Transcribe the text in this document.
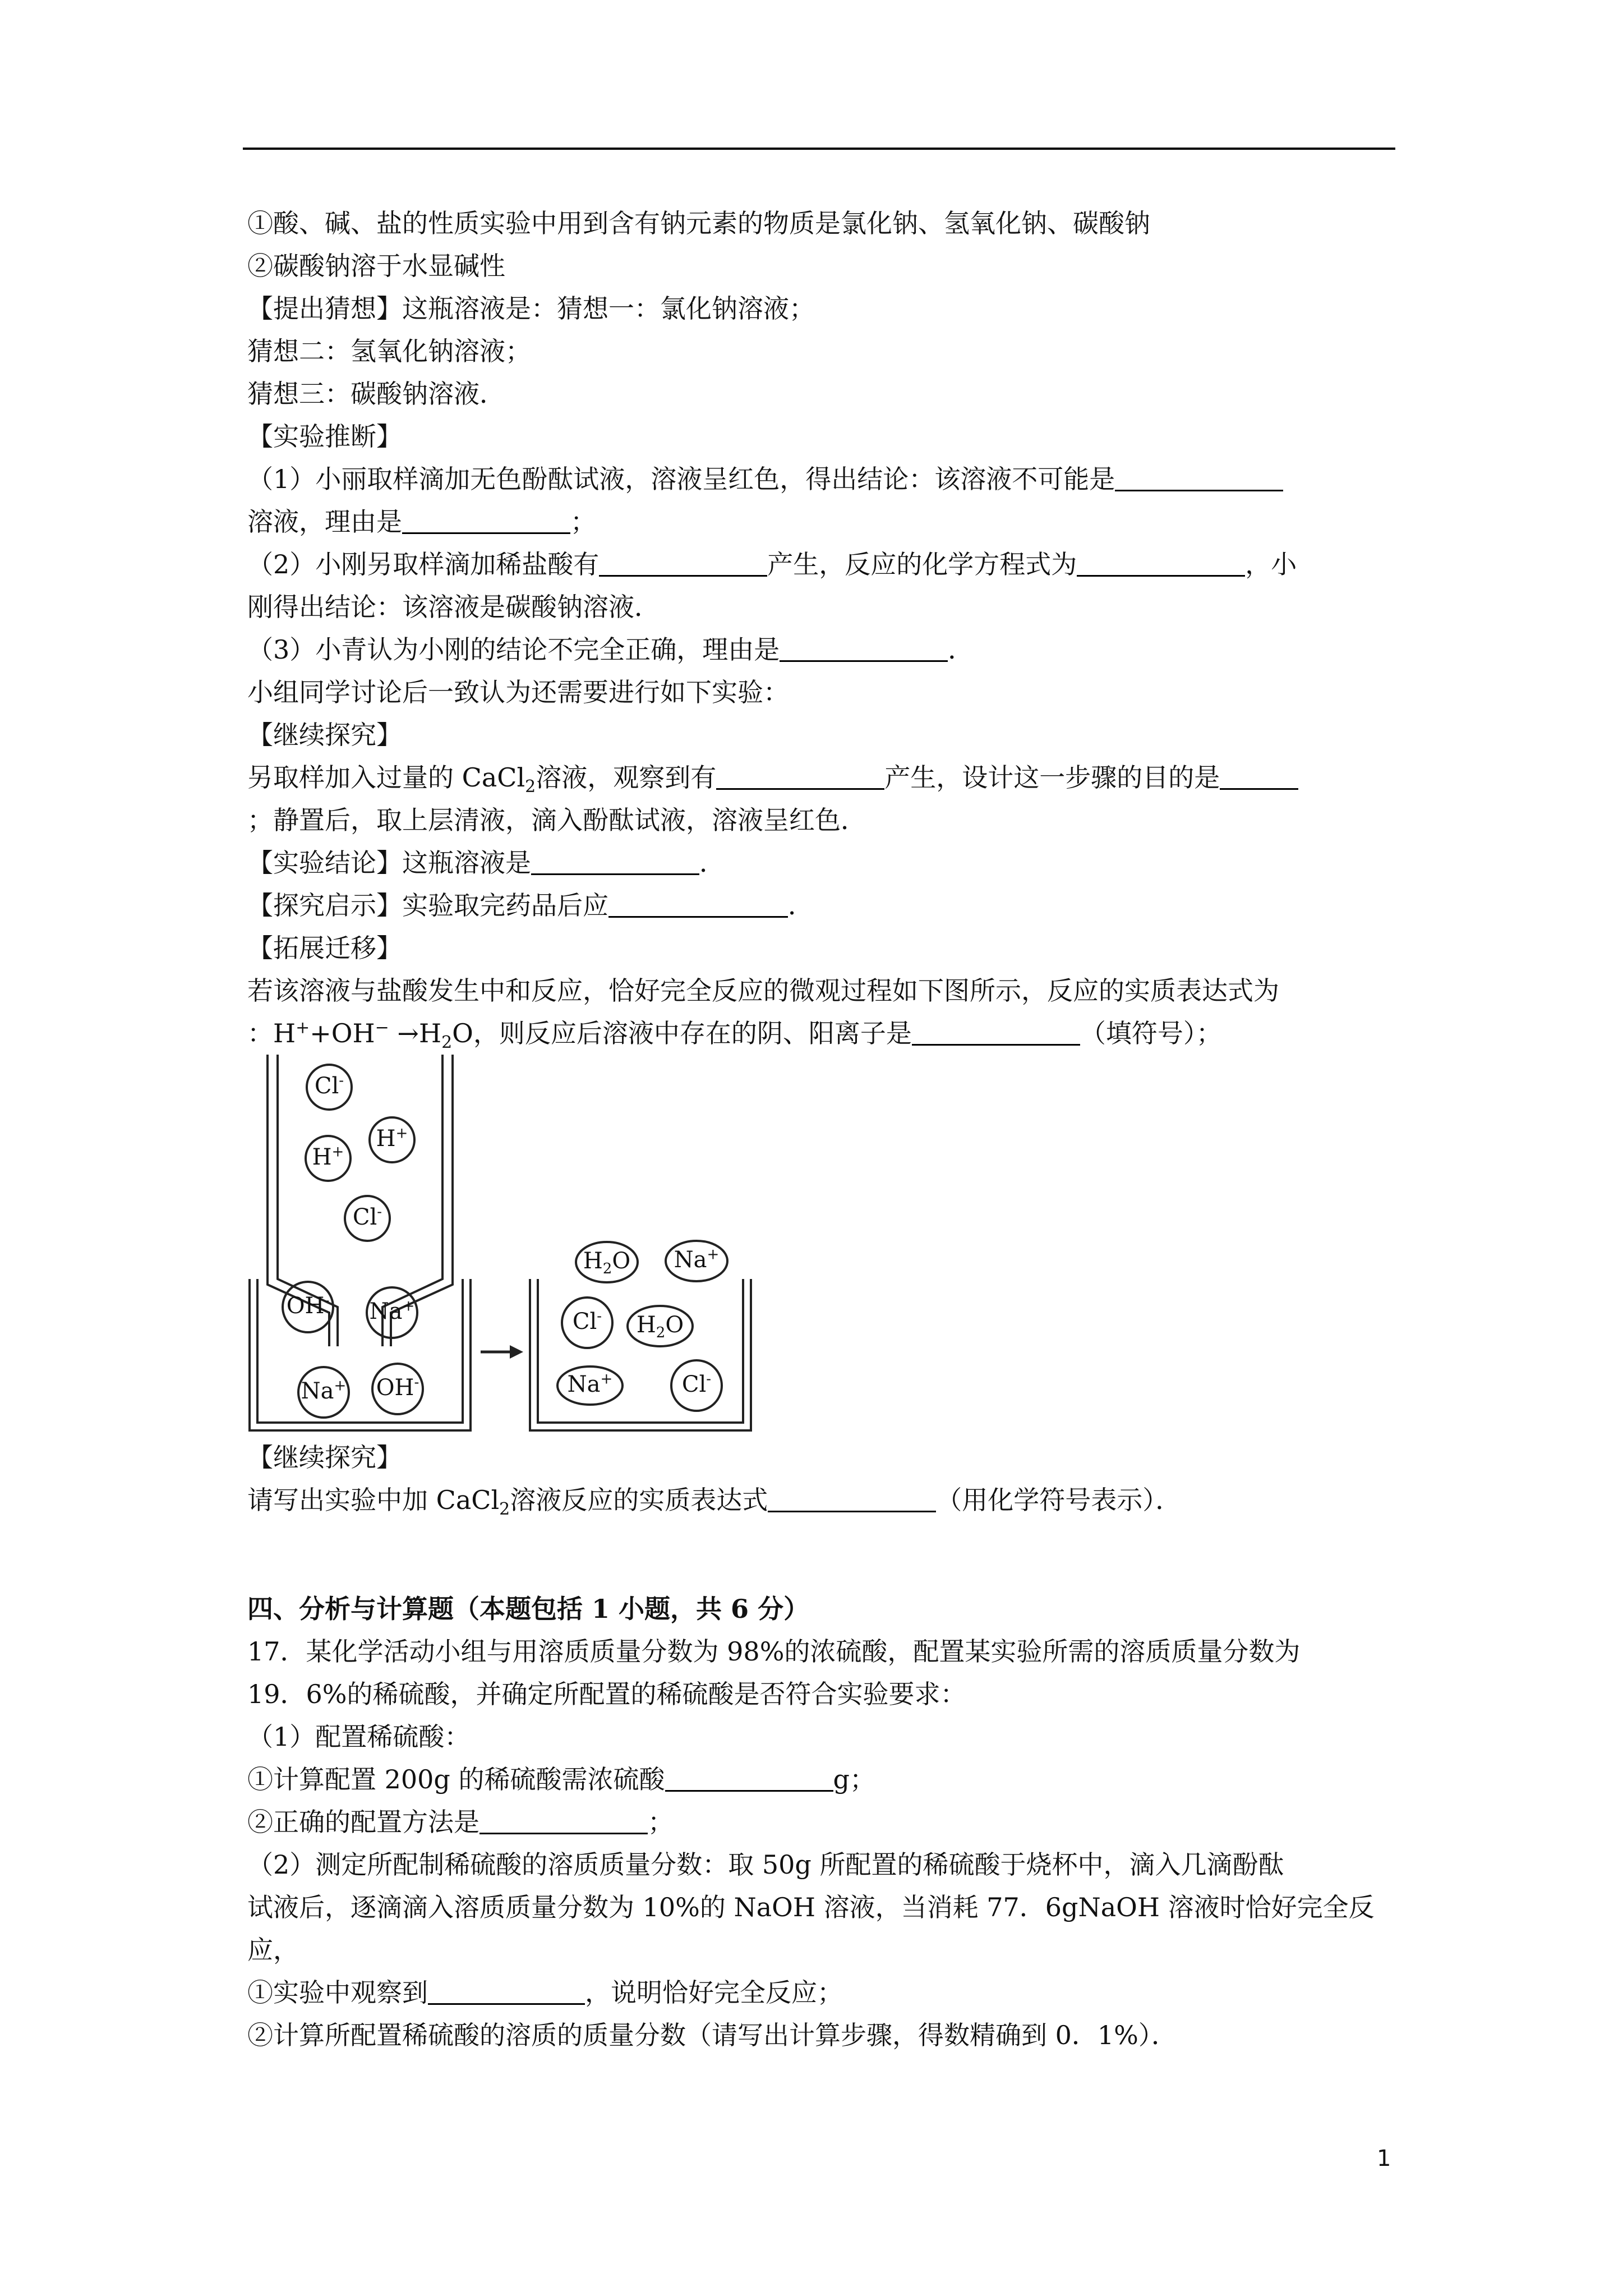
①酸、碱、盐的性质实验中用到含有钠元素的物质是氯化钠、氢氧化钠、碳酸钠
②碳酸钠溶于水显碱性
【提出猜想】这瓶溶液是：猜想一：氯化钠溶液；
猜想二：氢氧化钠溶液；
猜想三：碳酸钠溶液．
【实验推断】
（1）小丽取样滴加无色酚酞试液，溶液呈红色，得出结论：该溶液不可能是
溶液，理由是	；
（2）小刚另取样滴加稀盐酸有	产生，反应的化学方程式为	，小
刚得出结论：该溶液是碳酸钠溶液．
（3）小青认为小刚的结论不完全正确，理由是	．
小组同学讨论后一致认为还需要进行如下实验：
【继续探究】
另取样加入过量的 CaCl$_2$溶液，观察到有	产生，设计这一步骤的目的是
；静置后，取上层清液，滴入酚酞试液，溶液呈红色．
【实验结论】这瓶溶液是	．
【探究启示】实验取完药品后应	．
【拓展迁移】
若该溶液与盐酸发生中和反应，恰好完全反应的微观过程如下图所示，反应的实质表达式为
：$H^++OH^- \to H_2O$，则反应后溶液中存在的阴、阳离子是	（填符号）；
Cl-
H+
H+
Cl-
OH-	Na+
Na+	OH-
$H_2O$	Na+
Cl-	$H_2O$
Na+	Cl-
【继续探究】
请写出实验中加 CaCl$_2$溶液反应的实质表达式	（用化学符号表示）．
四、分析与计算题（本题包括 1 小题，共 6 分）
17．某化学活动小组与用溶质质量分数为 98%的浓硫酸，配置某实验所需的溶质质量分数为
19．6%的稀硫酸，并确定所配置的稀硫酸是否符合实验要求：
（1）配置稀硫酸：
①计算配置 200g 的稀硫酸需浓硫酸	g；
②正确的配置方法是	；
（2）测定所配制稀硫酸的溶质质量分数：取 50g 所配置的稀硫酸于烧杯中，滴入几滴酚酞
试液后，逐滴滴入溶质质量分数为 10%的 NaOH 溶液，当消耗 77．6gNaOH 溶液时恰好完全反
应，
①实验中观察到	，说明恰好完全反应；
②计算所配置稀硫酸的溶质的质量分数（请写出计算步骤，得数精确到 0．1%）．
1
